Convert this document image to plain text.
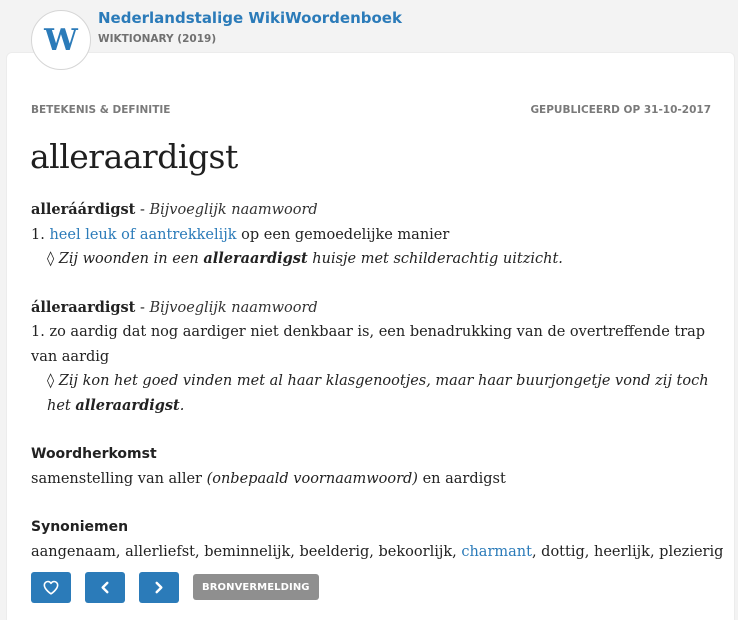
W
Nederlandstalige WikiWoordenboek
WIKTIONARY (2019)
BETEKENIS & DEFINITIE	GEPUBLICEERD OP 31-10-2017
alleraardigst
alleráárdigst - Bijvoeglijk naamwoord
1. heel leuk of aantrekkelijk op een gemoedelijke manier
◊ Zij woonden in een alleraardigst huisje met schilderachtig uitzicht.
álleraardigst - Bijvoeglijk naamwoord
1. zo aardig dat nog aardiger niet denkbaar is, een benadrukking van de overtreffende trap van aardig
◊ Zij kon het goed vinden met al haar klasgenootjes, maar haar buurjongetje vond zij toch het alleraardigst.
Woordherkomst
samenstelling van aller (onbepaald voornaamwoord) en aardigst
Synoniemen
aangenaam, allerliefst, beminnelijk, beelderig, bekoorlijk, charmant, dottig, heerlijk, plezierig
BRONVERMELDING
